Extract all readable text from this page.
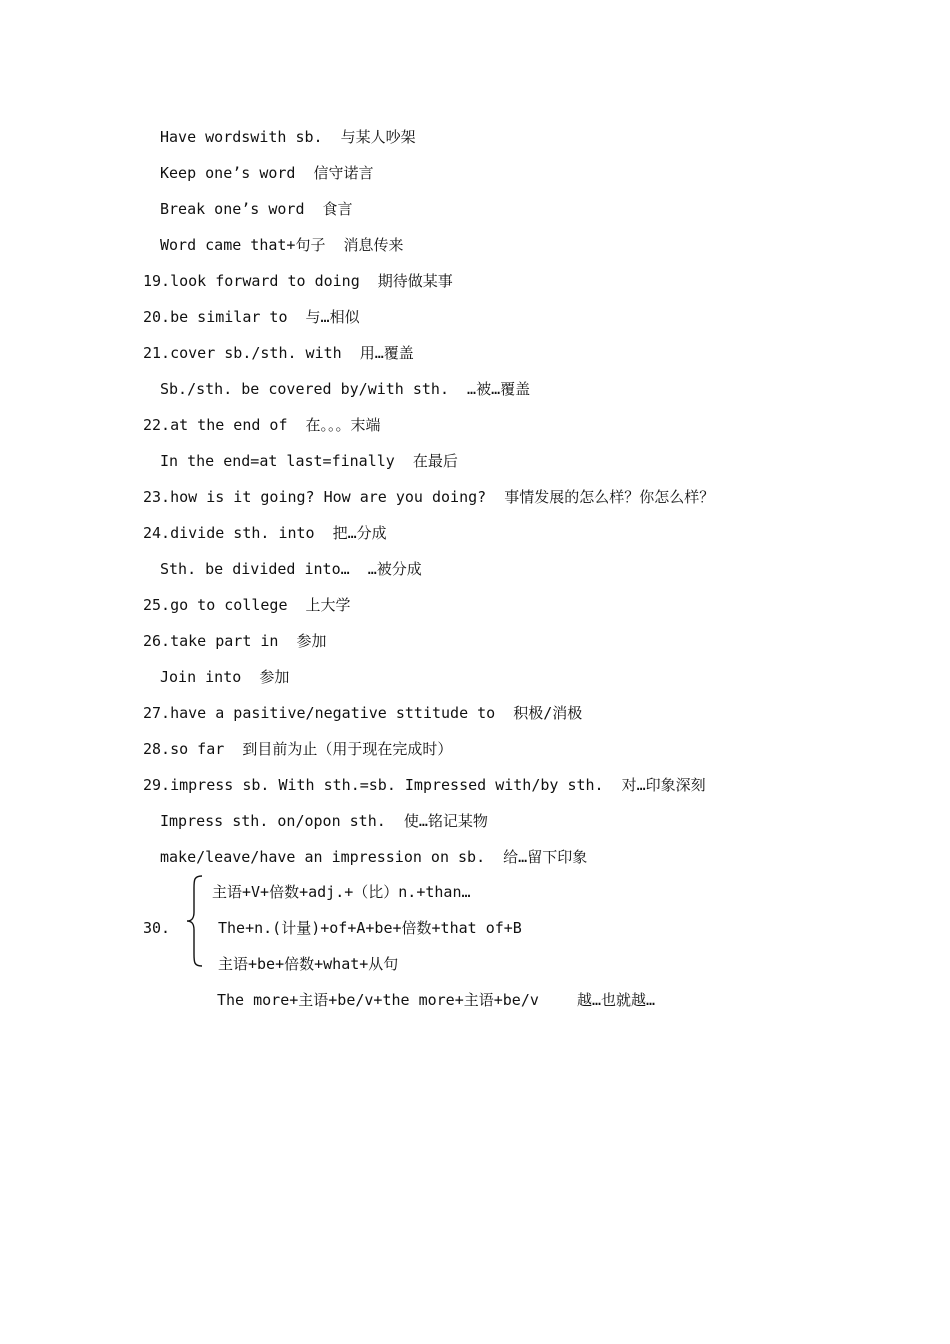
Have wordswith sb.  与某人吵架
Keep one’s word  信守诺言
Break one’s word  食言
Word came that+句子  消息传来
19.look forward to doing  期待做某事
20.be similar to  与…相似
21.cover sb./sth. with  用…覆盖
Sb./sth. be covered by/with sth.  …被…覆盖
22.at the end of  在。。。末端
In the end=at last=finally  在最后
23.how is it going? How are you doing?  事情发展的怎么样？你怎么样？
24.divide sth. into  把…分成
Sth. be divided into…  …被分成
25.go to college  上大学
26.take part in  参加
Join into  参加
27.have a pasitive/negative sttitude to  积极/消极
28.so far  到目前为止（用于现在完成时）
29.impress sb. With sth.=sb. Impressed with/by sth.  对…印象深刻
Impress sth. on/opon sth.  使…铭记某物
make/leave/have an impression on sb.  给…留下印象
30.
主语+V+倍数+adj.+（比）n.+than…
The+n.(计量)+of+A+be+倍数+that of+B
主语+be+倍数+what+从句
The more+主语+be/v+the more+主语+be/v	越…也就越…
